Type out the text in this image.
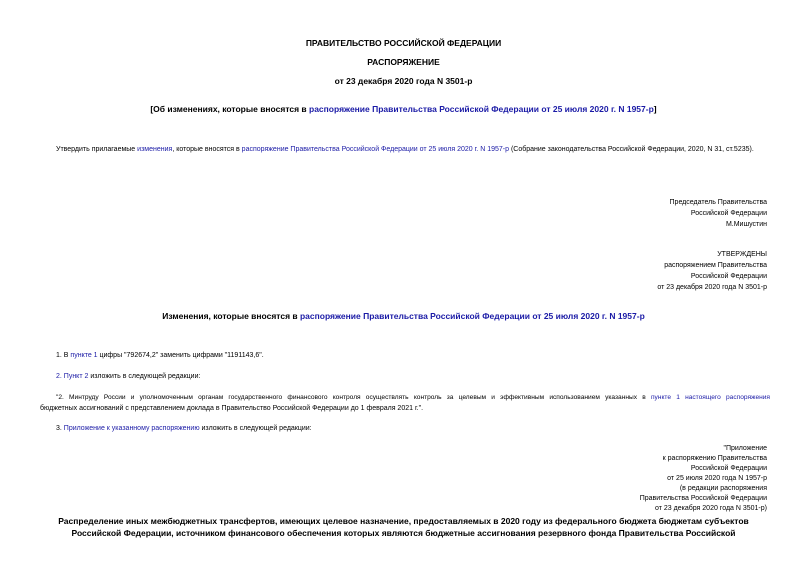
ПРАВИТЕЛЬСТВО РОССИЙСКОЙ ФЕДЕРАЦИИ
РАСПОРЯЖЕНИЕ
от 23 декабря 2020 года N 3501-р
[Об изменениях, которые вносятся в распоряжение Правительства Российской Федерации от 25 июля 2020 г. N 1957-р]
Утвердить прилагаемые изменения, которые вносятся в распоряжение Правительства Российской Федерации от 25 июля 2020 г. N 1957-р (Собрание законодательства Российской Федерации, 2020, N 31, ст.5235).
Председатель Правительства
Российской Федерации
М.Мишустин
УТВЕРЖДЕНЫ
распоряжением Правительства
Российской Федерации
от 23 декабря 2020 года N 3501-р
Изменения, которые вносятся в распоряжение Правительства Российской Федерации от 25 июля 2020 г. N 1957-р
1. В пункте 1 цифры "792674,2" заменить цифрами "1191143,6".
2. Пункт 2 изложить в следующей редакции:
"2. Минтруду России и уполномоченным органам государственного финансового контроля осуществлять контроль за целевым и эффективным использованием указанных в пункте 1 настоящего распоряжения
бюджетных ассигнований с представлением доклада в Правительство Российской Федерации до 1 февраля 2021 г.".
3. Приложение к указанному распоряжению изложить в следующей редакции:
"Приложение
к распоряжению Правительства
Российской Федерации
от 25 июля 2020 года N 1957-р
(в редакции распоряжения
Правительства Российской Федерации
от 23 декабря 2020 года N 3501-р)
Распределение иных межбюджетных трансфертов, имеющих целевое назначение, предоставляемых в 2020 году из федерального бюджета бюджетам субъектов
Российской Федерации, источником финансового обеспечения которых являются бюджетные ассигнования резервного фонда Правительства Российской
